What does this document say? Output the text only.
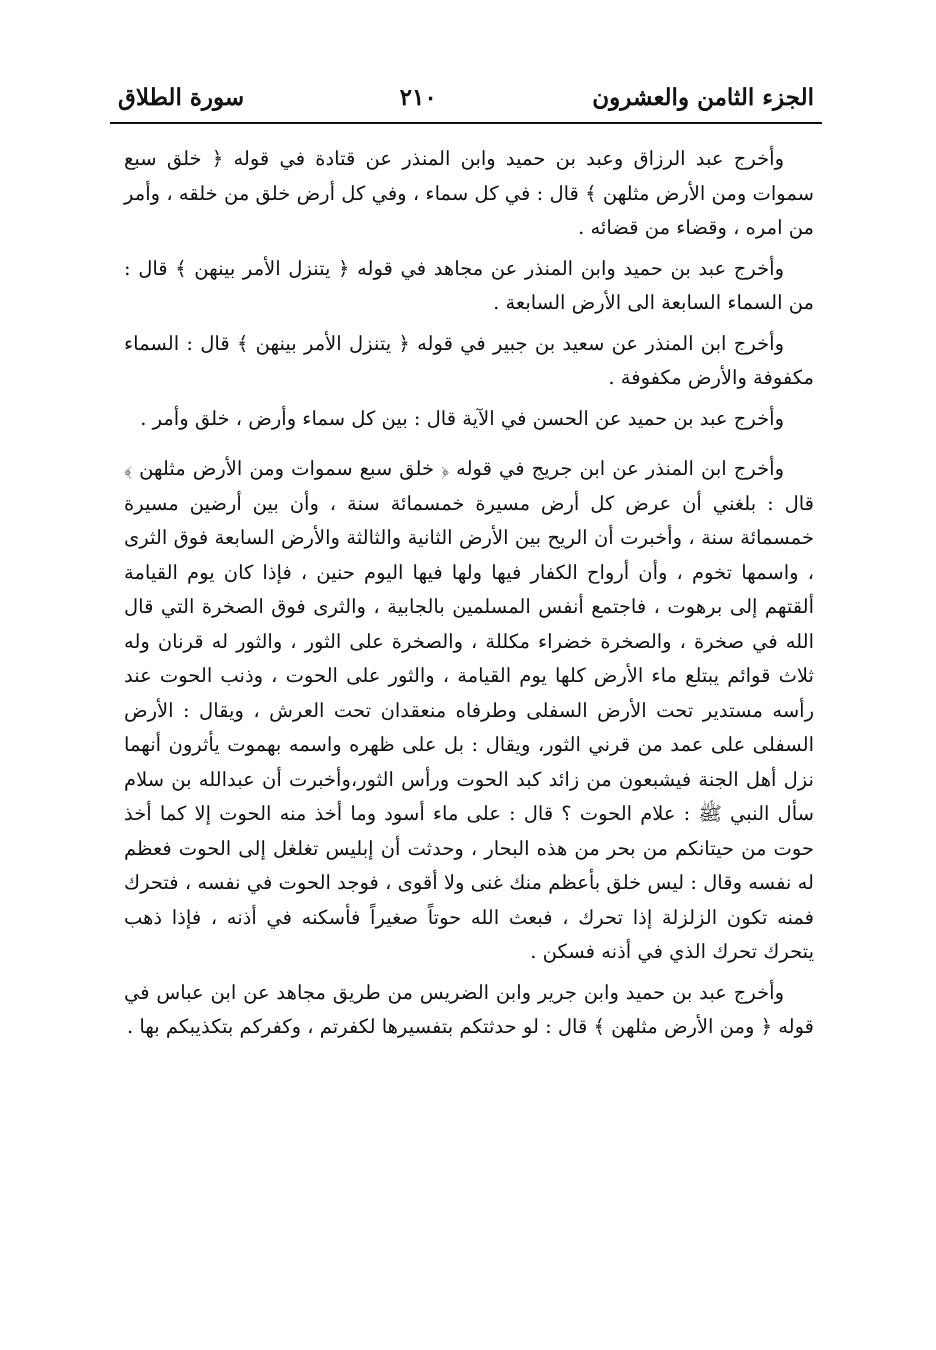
الجزء الثامن والعشرون
٢١٠
سورة الطلاق

وأخرج عبد الرزاق وعبد بن حميد وابن المنذر عن قتادة في قوله ﴿ خلق سبع سموات ومن الأرض مثلهن ﴾ قال : في كل سماء ، وفي كل أرض خلق من خلقه ، وأمر من امره ، وقضاء من قضائه .

وأخرج عبد بن حميد وابن المنذر عن مجاهد في قوله ﴿ يتنزل الأمر بينهن ﴾ قال : من السماء السابعة الى الأرض السابعة .

وأخرج ابن المنذر عن سعيد بن جبير في قوله ﴿ يتنزل الأمر بينهن ﴾ قال : السماء مكفوفة والأرض مكفوفة .

وأخرج عبد بن حميد عن الحسن في الآية قال : بين كل سماء وأرض ، خلق وأمر .

وأخرج ابن المنذر عن ابن جريج في قوله ﴿ خلق سبع سموات ومن الأرض مثلهن ﴾ قال : بلغني أن عرض كل أرض مسيرة خمسمائة سنة ، وأن بين أرضين مسيرة خمسمائة سنة ، وأخبرت أن الريح بين الأرض الثانية والثالثة والأرض السابعة فوق الثرى ، واسمها تخوم ، وأن أرواح الكفار فيها ولها فيها اليوم حنين ، فإذا كان يوم القيامة ألقتهم إلى برهوت ، فاجتمع أنفس المسلمين بالجابية ، والثرى فوق الصخرة التي قال الله في صخرة ، والصخرة خضراء مكللة ، والصخرة على الثور ، والثور له قرنان وله ثلاث قوائم يبتلع ماء الأرض كلها يوم القيامة ، والثور على الحوت ، وذنب الحوت عند رأسه مستدير تحت الأرض السفلى وطرفاه منعقدان تحت العرش ، ويقال : الأرض السفلى على عمد من قرني الثور، ويقال : بل على ظهره واسمه بهموت يأثرون أنهما نزل أهل الجنة فيشبعون من زائد كبد الحوت ورأس الثور،وأخبرت أن عبدالله بن سلام سأل النبي ﷺ : علام الحوت ؟ قال : على ماء أسود وما أخذ منه الحوت إلا كما أخذ حوت من حيتانكم من بحر من هذه البحار ، وحدثت أن إبليس تغلغل إلى الحوت فعظم له نفسه وقال : ليس خلق بأعظم منك غنى ولا أقوى ، فوجد الحوت في نفسه ، فتحرك فمنه تكون الزلزلة إذا تحرك ، فبعث الله حوتاً صغيراً فأسكنه في أذنه ، فإذا ذهب يتحرك تحرك الذي في أذنه فسكن .

وأخرج عبد بن حميد وابن جرير وابن الضريس من طريق مجاهد عن ابن عباس في قوله ﴿ ومن الأرض مثلهن ﴾ قال : لو حدثتكم بتفسيرها لكفرتم ، وكفركم بتكذيبكم بها .
